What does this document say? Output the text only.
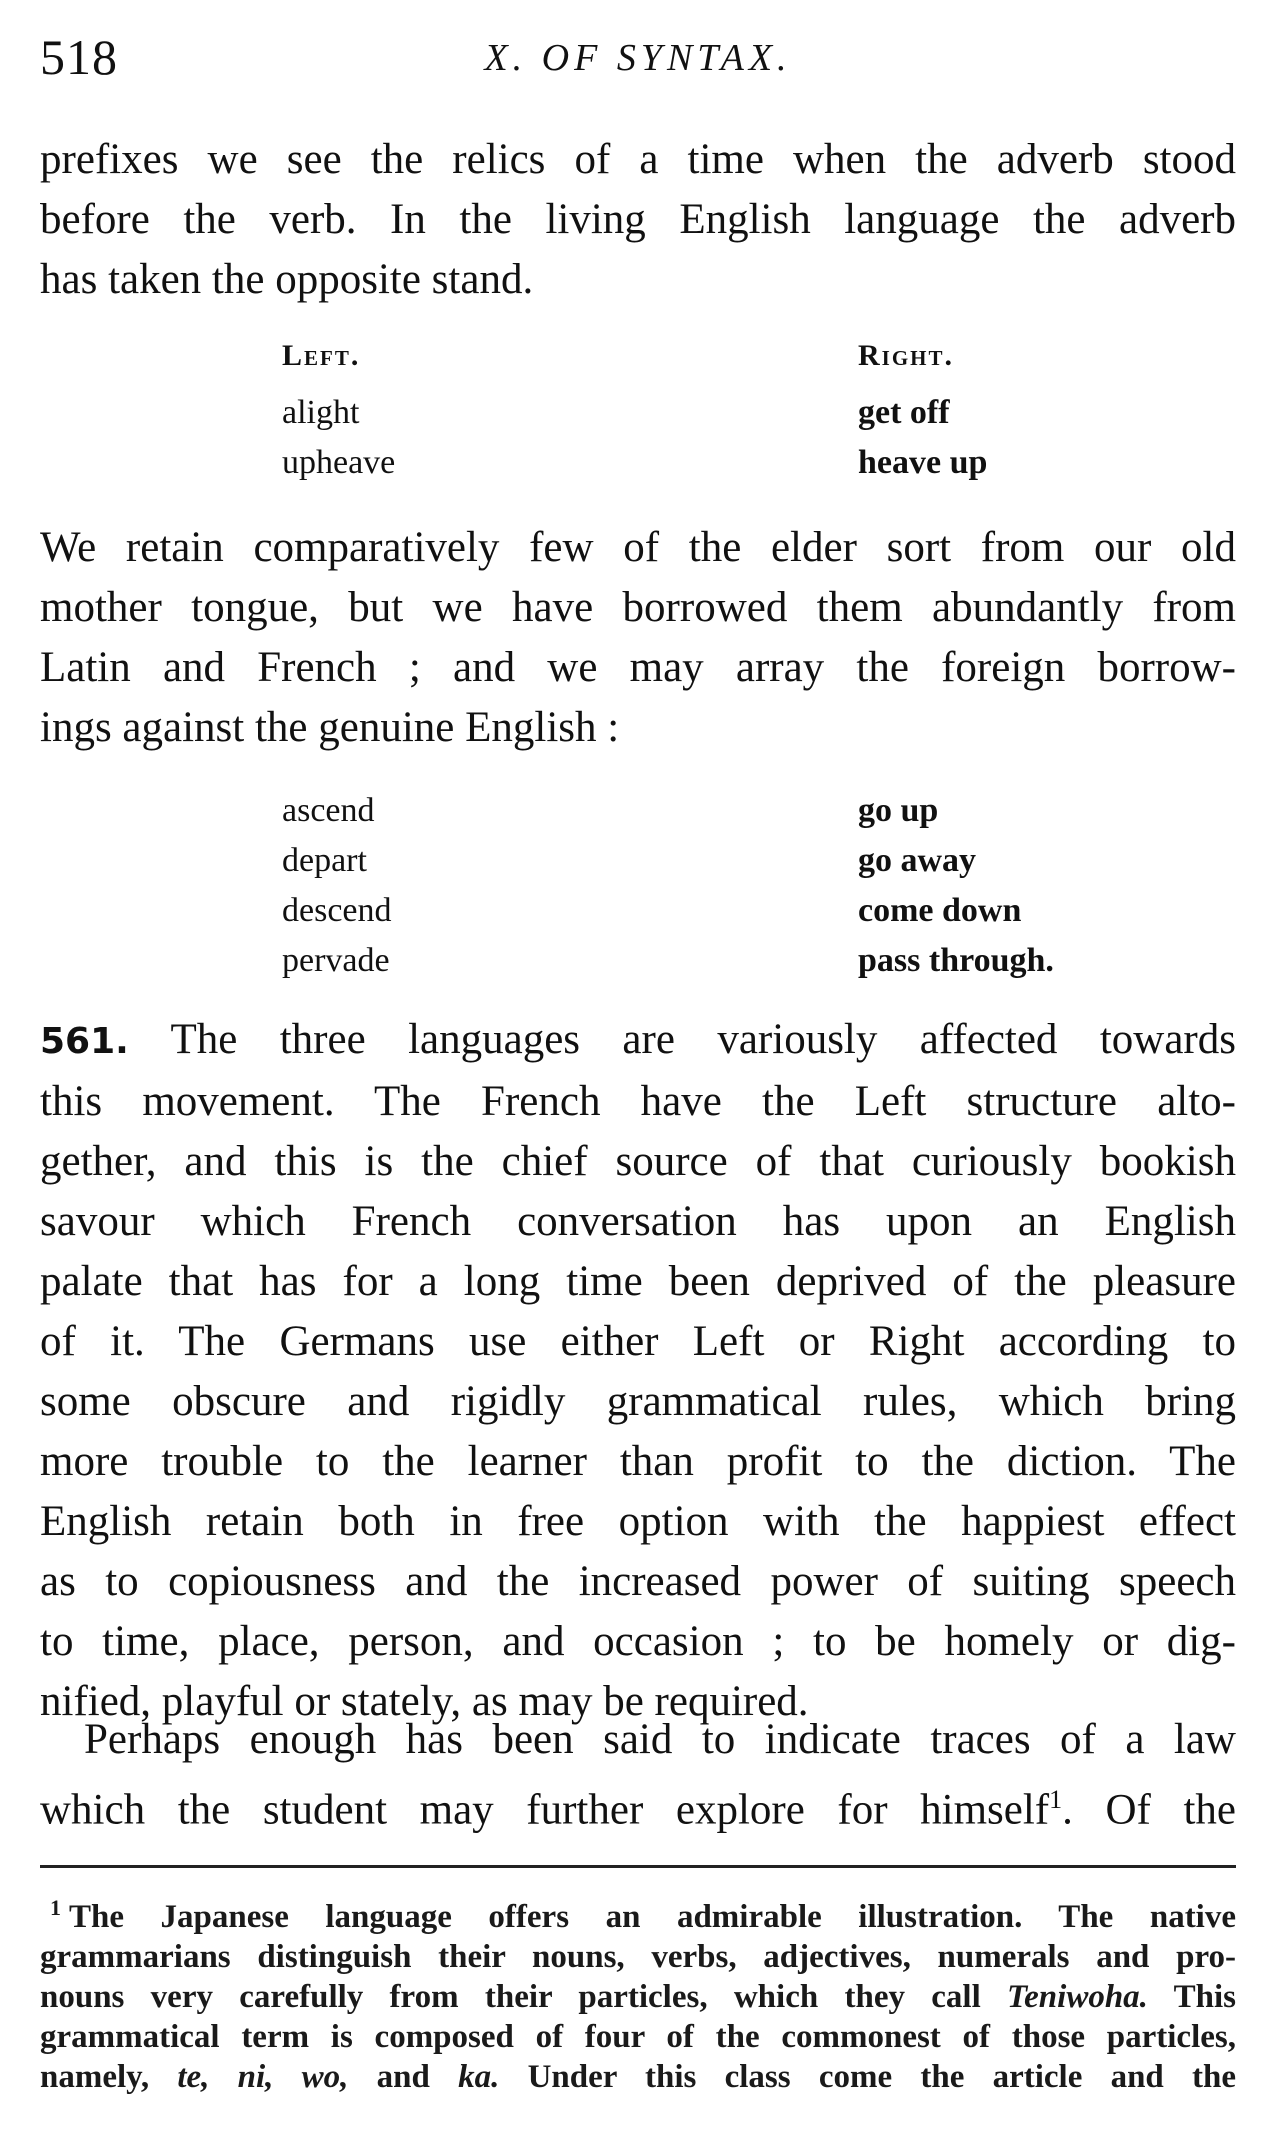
518	X. OF SYNTAX.
prefixes we see the relics of a time when the adverb stood
before the verb. In the living English language the adverb
has taken the opposite stand.
Left.
alight
upheave
Right.
get off
heave up
We retain comparatively few of the elder sort from our old
mother tongue, but we have borrowed them abundantly from
Latin and French ; and we may array the foreign borrow-
ings against the genuine English :
ascend
depart
descend
pervade
go up
go away
come down
pass through.
561. The three languages are variously affected towards
this movement. The French have the Left structure alto-
gether, and this is the chief source of that curiously bookish
savour which French conversation has upon an English
palate that has for a long time been deprived of the pleasure
of it. The Germans use either Left or Right according to
some obscure and rigidly grammatical rules, which bring
more trouble to the learner than profit to the diction. The
English retain both in free option with the happiest effect
as to copiousness and the increased power of suiting speech
to time, place, person, and occasion ; to be homely or dig-
nified, playful or stately, as may be required.
Perhaps enough has been said to indicate traces of a law
which the student may further explore for himself$^1$. Of the
$^1$ The Japanese language offers an admirable illustration. The native
grammarians distinguish their nouns, verbs, adjectives, numerals and pro-
nouns very carefully from their particles, which they call Teniwoha. This
grammatical term is composed of four of the commonest of those particles,
namely, te, ni, wo, and ka. Under this class come the article and the
